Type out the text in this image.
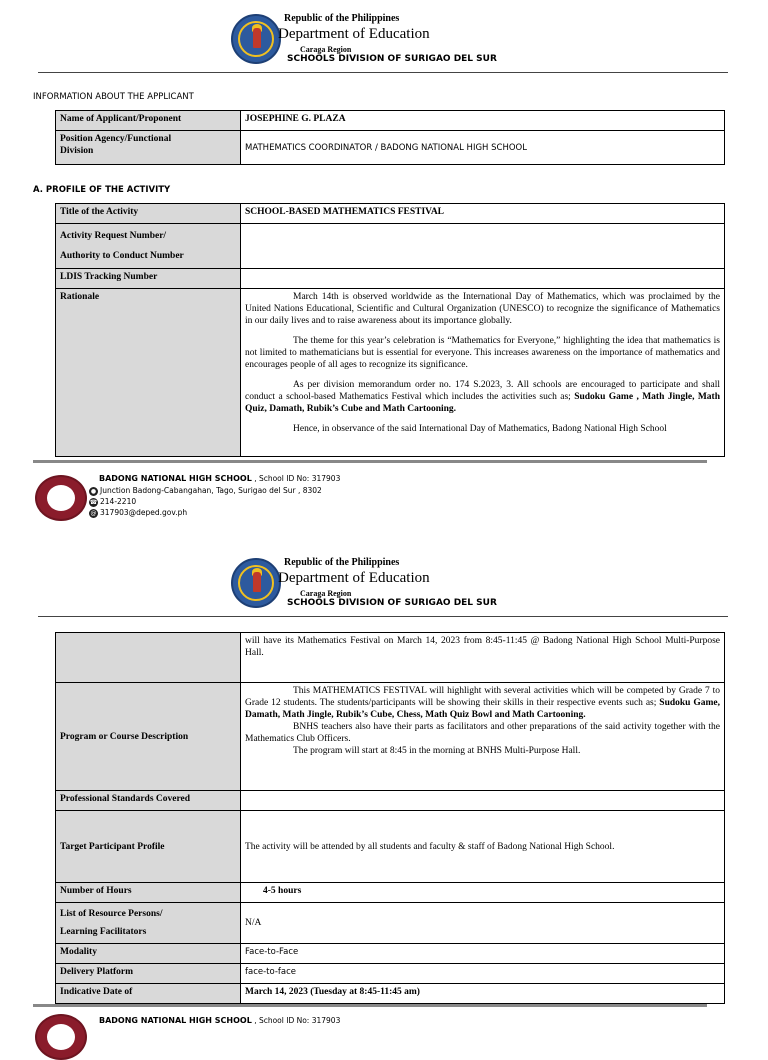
Republic of the Philippines
Department of Education
Caraga Region
SCHOOLS DIVISION OF SURIGAO DEL SUR
INFORMATION ABOUT THE APPLICANT
Name of Applicant/Proponent	JOSEPHINE G. PLAZA
Position Agency/Functional
Division	MATHEMATICS COORDINATOR / BADONG NATIONAL HIGH SCHOOL
A. PROFILE OF THE ACTIVITY
Title of the Activity	SCHOOL-BASED MATHEMATICS FESTIVAL
Activity Request Number/
Authority to Conduct Number	
LDIS Tracking Number	
Rationale	March 14th is observed worldwide as the International Day of Mathematics, which was proclaimed by the United Nations Educational, Scientific and Cultural Organization (UNESCO) to recognize the significance of Mathematics in our daily lives and to raise awareness about its importance globally.

The theme for this year’s celebration is “Mathematics for Everyone,” highlighting the idea that mathematics is not limited to mathematicians but is essential for everyone. This increases awareness on the importance of mathematics and encourages people of all ages to recognize its significance.

As per division memorandum order no. 174 S.2023, 3. All schools are encouraged to participate and shall conduct a school-based Mathematics Festival which includes the activities such as; Sudoku Game , Math Jingle, Math Quiz, Damath, Rubik’s Cube and Math Cartooning.

Hence, in observance of the said International Day of Mathematics, Badong National High School

BADONG NATIONAL HIGH SCHOOL , School ID No: 317903
● Junction Badong-Cabangahan, Tago, Surigao del Sur , 8302
☎ 214-2210
@ 317903@deped.gov.ph
Republic of the Philippines
Department of Education
Caraga Region
SCHOOLS DIVISION OF SURIGAO DEL SUR
	will have its Mathematics Festival on March 14, 2023 from 8:45-11:45 @ Badong National High School Multi-Purpose Hall.
Program or Course Description	This MATHEMATICS FESTIVAL will highlight with several activities which will be competed by Grade 7 to Grade 12 students. The students/participants will be showing their skills in their respective events such as; Sudoku Game, Damath, Math Jingle, Rubik’s Cube, Chess, Math Quiz Bowl and Math Cartooning.

BNHS teachers also have their parts as facilitators and other preparations of the said activity together with the Mathematics Club Officers.

The program will start at 8:45 in the morning at BNHS Multi-Purpose Hall.

Professional Standards Covered	
Target Participant Profile	The activity will be attended by all students and faculty & staff of Badong National High School.
Number of Hours	4-5 hours
List of Resource Persons/
Learning Facilitators	N/A
Modality	Face-to-Face
Delivery Platform	face-to-face
Indicative Date of	March 14, 2023 (Tuesday at 8:45-11:45 am)
BADONG NATIONAL HIGH SCHOOL , School ID No: 317903
